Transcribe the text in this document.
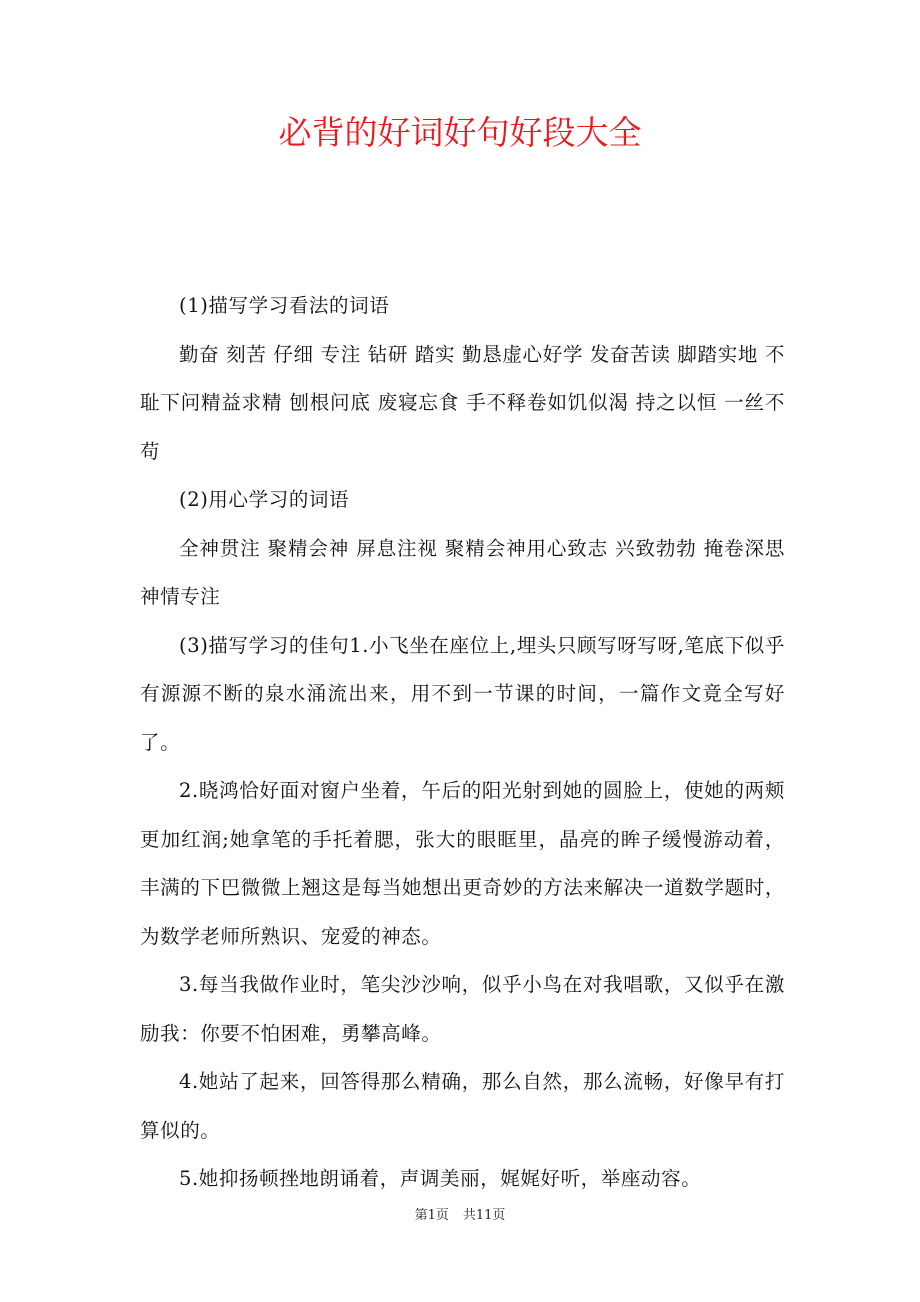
必背的好词好句好段大全

(1)描写学习看法的词语

勤奋 刻苦 仔细 专注 钻研 踏实 勤恳虚心好学 发奋苦读 脚踏实地 不耻下问精益求精 刨根问底 废寝忘食 手不释卷如饥似渴 持之以恒 一丝不苟

(2)用心学习的词语

全神贯注 聚精会神 屏息注视 聚精会神用心致志 兴致勃勃 掩卷深思 神情专注

(3)描写学习的佳句1.小飞坐在座位上,埋头只顾写呀写呀,笔底下似乎有源源不断的泉水涌流出来，用不到一节课的时间，一篇作文竟全写好了。

2.晓鸿恰好面对窗户坐着，午后的阳光射到她的圆脸上，使她的两颊更加红润;她拿笔的手托着腮，张大的眼眶里，晶亮的眸子缓慢游动着，丰满的下巴微微上翘这是每当她想出更奇妙的方法来解决一道数学题时，为数学老师所熟识、宠爱的神态。

3.每当我做作业时，笔尖沙沙响，似乎小鸟在对我唱歌，又似乎在激励我：你要不怕困难，勇攀高峰。

4.她站了起来，回答得那么精确，那么自然，那么流畅，好像早有打算似的。

5.她抑扬顿挫地朗诵着，声调美丽，娓娓好听，举座动容。

第1页 共11页
